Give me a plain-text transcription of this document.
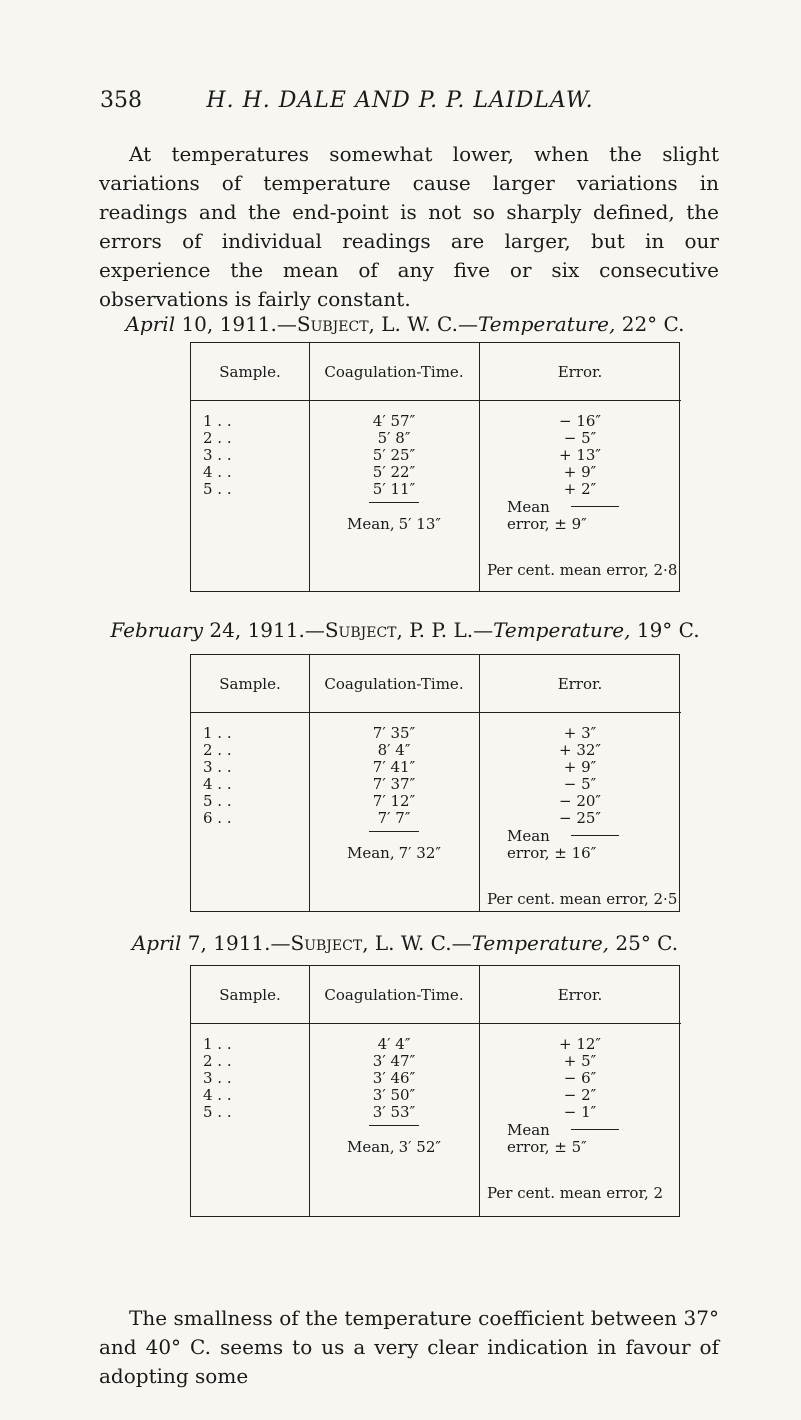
358	H. H. DALE AND P. P. LAIDLAW.

At temperatures somewhat lower, when the slight variations of temperature cause larger variations in readings and the end-point is not so sharply defined, the errors of individual readings are larger, but in our experience the mean of any five or six consecutive observations is fairly constant.

April 10, 1911.—Subject, L. W. C.—Temperature, 22° C.

Sample.	Coagulation-Time.	Error.
1 . .	4′ 57″	− 16″
2 . .	5′ 8″	− 5″
3 . .	5′ 25″	+ 13″
4 . .	5′ 22″	+ 9″
5 . .	5′ 11″	+ 2″
Mean
Mean, 5′ 13″	error, ± 9″
Per cent. mean error, 2·8

February 24, 1911.—Subject, P. P. L.—Temperature, 19° C.

Sample.	Coagulation-Time.	Error.
1 . .	7′ 35″	+ 3″
2 . .	8′ 4″	+ 32″
3 . .	7′ 41″	+ 9″
4 . .	7′ 37″	− 5″
5 . .	7′ 12″	− 20″
6 . .	7′ 7″	− 25″
Mean
Mean, 7′ 32″	error, ± 16″
Per cent. mean error, 2·5

April 7, 1911.—Subject, L. W. C.—Temperature, 25° C.

Sample.	Coagulation-Time.	Error.
1 . .	4′ 4″	+ 12″
2 . .	3′ 47″	+ 5″
3 . .	3′ 46″	− 6″
4 . .	3′ 50″	− 2″
5 . .	3′ 53″	− 1″
Mean
Mean, 3′ 52″	error, ± 5″
Per cent. mean error, 2

The smallness of the temperature coefficient between 37° and 40° C. seems to us a very clear indication in favour of adopting some
